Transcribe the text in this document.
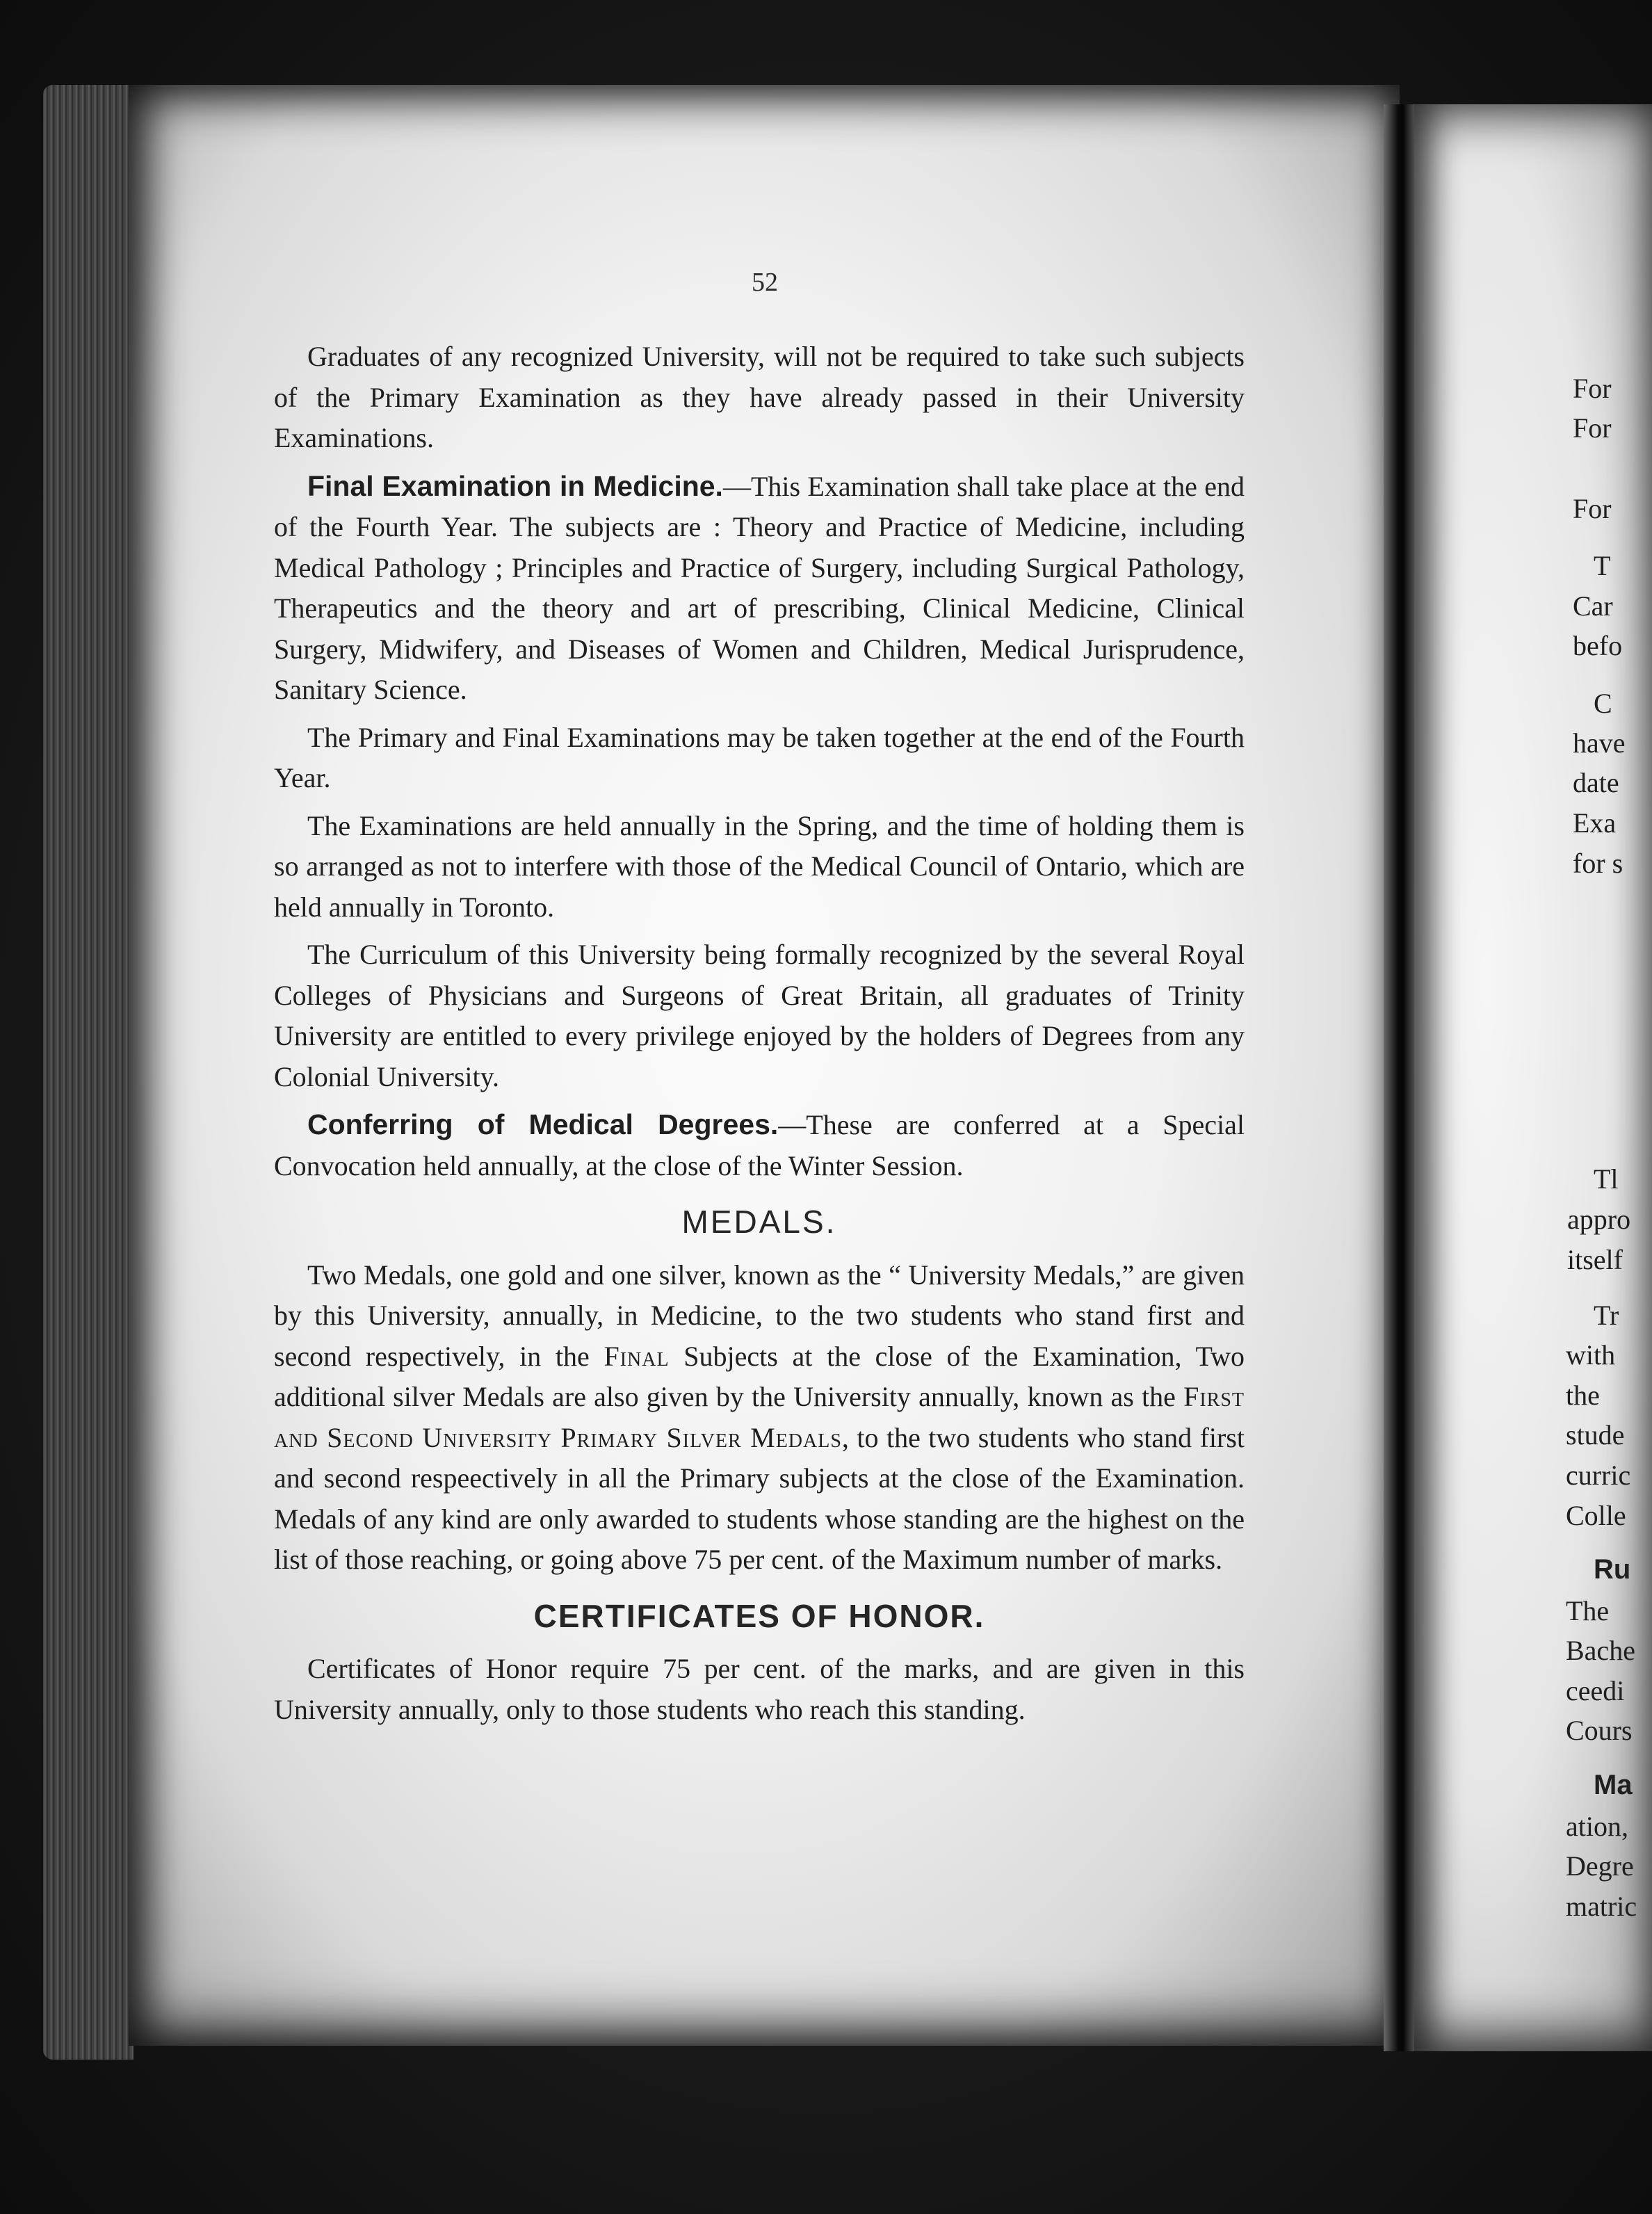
52

Graduates of any recognized University, will not be required to take such subjects of the Primary Examination as they have already passed in their University Examinations.

Final Examination in Medicine.—This Examination shall take place at the end of the Fourth Year. The subjects are : Theory and Practice of Medicine, including Medical Pathology ; Principles and Practice of Surgery, including Surgical Pathology, Therapeutics and the theory and art of prescribing, Clinical Medicine, Clinical Surgery, Midwifery, and Diseases of Women and Children, Medical Jurisprudence, Sanitary Science.

The Primary and Final Examinations may be taken together at the end of the Fourth Year.

The Examinations are held annually in the Spring, and the time of holding them is so arranged as not to interfere with those of the Medical Council of Ontario, which are held annually in Toronto.

The Curriculum of this University being formally recognized by the several Royal Colleges of Physicians and Surgeons of Great Britain, all graduates of Trinity University are entitled to every privilege enjoyed by the holders of Degrees from any Colonial University.

Conferring of Medical Degrees.—These are conferred at a Special Convocation held annually, at the close of the Winter Session.

MEDALS.

Two Medals, one gold and one silver, known as the “ University Medals,” are given by this University, annually, in Medicine, to the two students who stand first and second respectively, in the Final Subjects at the close of the Examination, Two additional silver Medals are also given by the University annually, known as the First and Second University Primary Silver Medals, to the two students who stand first and second respeectively in all the Primary subjects at the close of the Examination. Medals of any kind are only awarded to students whose standing are the highest on the list of those reaching, or going above 75 per cent. of the Maximum number of marks.

CERTIFICATES OF HONOR.

Certificates of Honor require 75 per cent. of the marks, and are given in this University annually, only to those students who reach this standing.

For
For
For
T
Car
befo
C
have
date
Exa
for s
Tl
appro
itself
Tr
with
the
stude
curric
Colle
Ru
The
Bache
ceedi
Cours
Ma
ation,
Degre
matric
